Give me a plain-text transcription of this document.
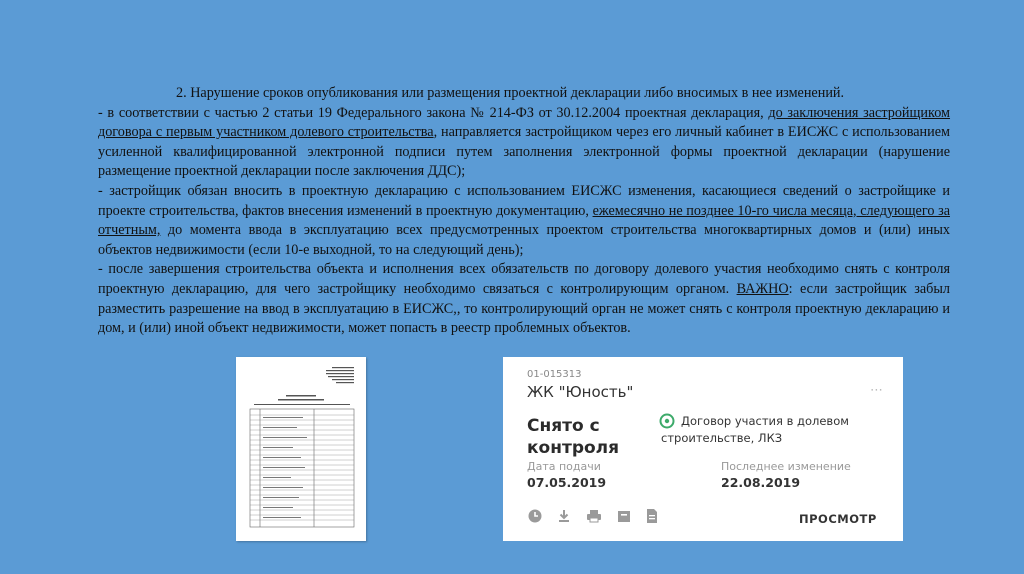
2. Нарушение сроков опубликования или размещения проектной декларации либо вносимых в нее изменений.

- в соответствии с частью 2 статьи 19 Федерального закона № 214-ФЗ от 30.12.2004 проектная декларация, до заключения застройщиком договора с первым участником долевого строительства, направляется застройщиком через его личный кабинет в ЕИСЖС с использованием усиленной квалифицированной электронной подписи путем заполнения электронной формы проектной декларации (нарушение размещение проектной декларации после заключения ДДС);

- застройщик обязан вносить в проектную декларацию с использованием ЕИСЖС изменения, касающиеся сведений о застройщике и проекте строительства, фактов внесения изменений в проектную документацию, ежемесячно не позднее 10-го числа месяца, следующего за отчетным, до момента ввода в эксплуатацию всех предусмотренных проектом строительства многоквартирных домов и (или) иных объектов недвижимости (если 10-е выходной, то на следующий день);

- после завершения строительства объекта и исполнения всех обязательств по договору долевого участия необходимо снять с контроля проектную декларацию, для чего застройщику необходимо связаться с контролирующим органом. ВАЖНО: если застройщик забыл разместить разрешение на ввод в эксплуатацию в ЕИСЖС,, то контролирующий орган не может снять с контроля проектную декларацию и дом, и (или) иной объект недвижимости, может попасть в реестр проблемных объектов.

01-015313
ЖК "Юность"	⋯
Снято с контроля
Договор участия в долевом строительстве, ЛКЗ
Дата подачи
07.05.2019
Последнее изменение
22.08.2019

ПРОСМОТР
